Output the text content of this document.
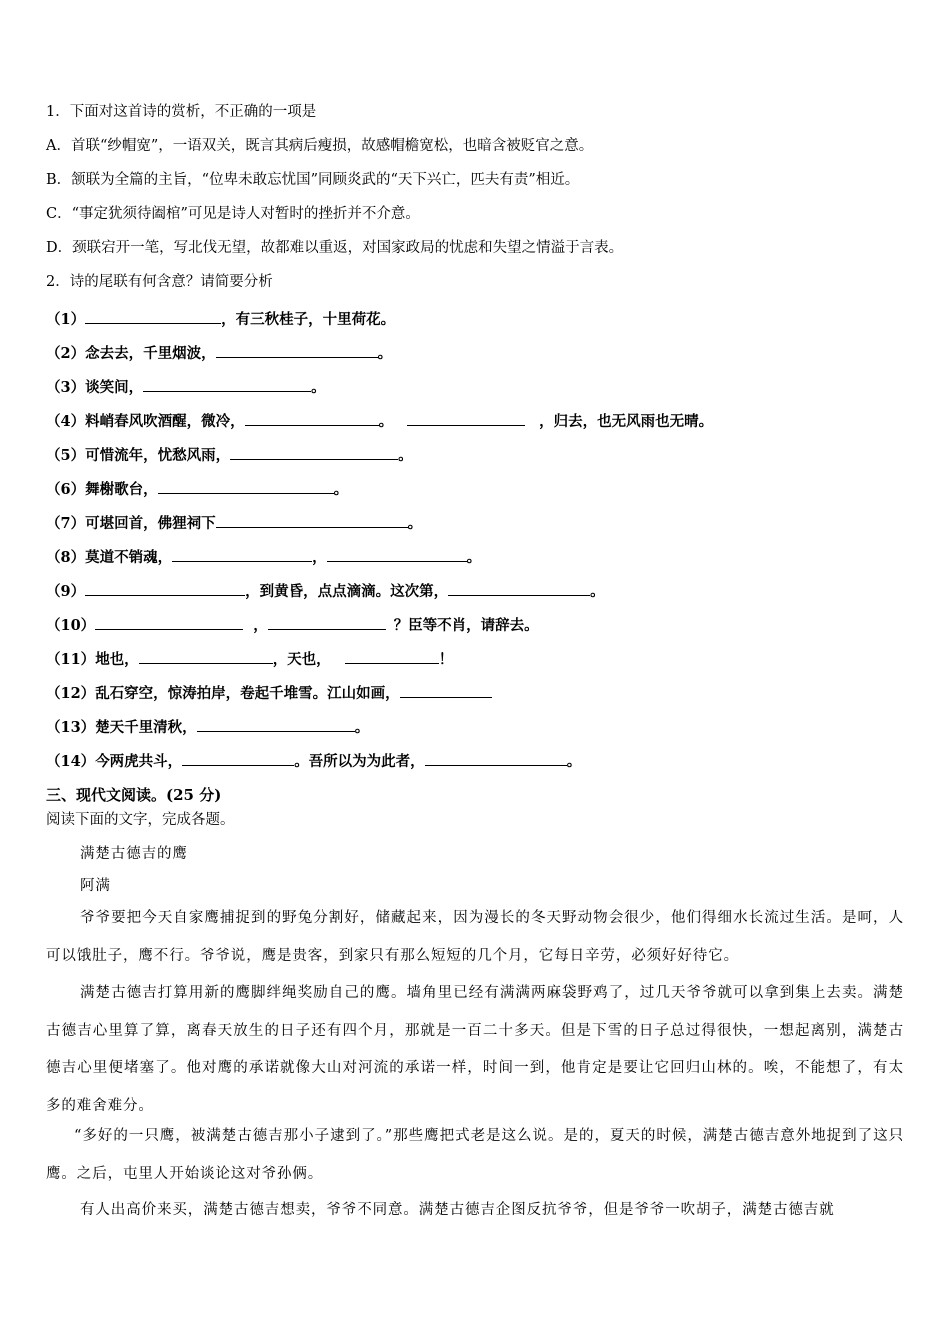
1．下面对这首诗的赏析，不正确的一项是
A．首联“纱帽宽”，一语双关，既言其病后瘦损，故感帽檐宽松，也暗含被贬官之意。
B．颔联为全篇的主旨，“位卑未敢忘忧国”同顾炎武的“天下兴亡，匹夫有责”相近。
C．“事定犹须待阖棺”可见是诗人对暂时的挫折并不介意。
D．颈联宕开一笔，写北伐无望，故都难以重返，对国家政局的忧虑和失望之情溢于言表。
2．诗的尾联有何含意？请简要分析
（1）	，有三秋桂子，十里荷花。
（2）念去去，千里烟波，	。
（3）谈笑间，	。
（4）料峭春风吹酒醒，微冷，	。	，归去，也无风雨也无晴。
（5）可惜流年，忧愁风雨，	。
（6）舞榭歌台，	。
（7）可堪回首，佛狸祠下	。
（8）莫道不销魂，	，	。
（9）	，到黄昏，点点滴滴。这次第，	。
（10）	，	？臣等不肖，请辞去。
（11）地也，	，天也，	！
（12）乱石穿空，惊涛拍岸，卷起千堆雪。江山如画，
（13）楚天千里清秋，	。
（14）今两虎共斗，	。吾所以为为此者，	。
三、现代文阅读。(25 分)
阅读下面的文字，完成各题。
满楚古德吉的鹰
阿满
爷爷要把今天自家鹰捕捉到的野兔分割好，储藏起来，因为漫长的冬天野动物会很少，他们得细水长流过生活。是呵，人可以饿肚子，鹰不行。爷爷说，鹰是贵客，到家只有那么短短的几个月，它每日辛劳，必须好好待它。
满楚古德吉打算用新的鹰脚绊绳奖励自己的鹰。墙角里已经有满满两麻袋野鸡了，过几天爷爷就可以拿到集上去卖。满楚古德吉心里算了算，离春天放生的日子还有四个月，那就是一百二十多天。但是下雪的日子总过得很快，一想起离别，满楚古德吉心里便堵塞了。他对鹰的承诺就像大山对河流的承诺一样，时间一到，他肯定是要让它回归山林的。唉，不能想了，有太多的难舍难分。
“多好的一只鹰，被满楚古德吉那小子逮到了。”那些鹰把式老是这么说。是的，夏天的时候，满楚古德吉意外地捉到了这只鹰。之后，屯里人开始谈论这对爷孙俩。
有人出高价来买，满楚古德吉想卖，爷爷不同意。满楚古德吉企图反抗爷爷，但是爷爷一吹胡子，满楚古德吉就
